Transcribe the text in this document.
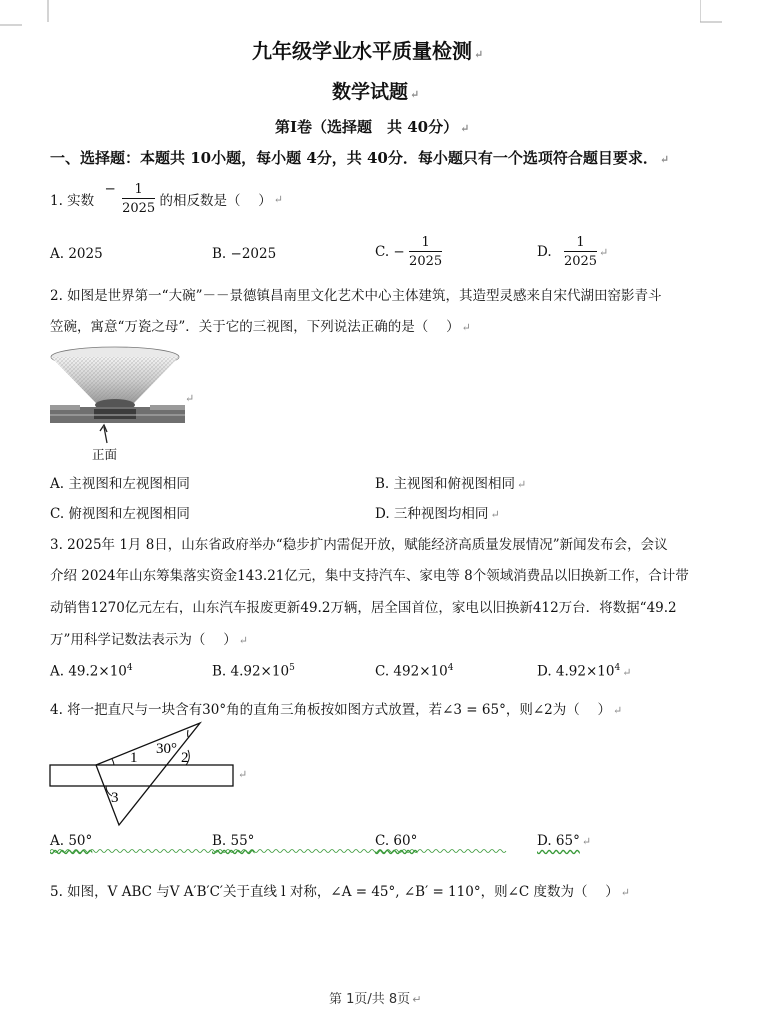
九年级学业水平质量检测 ↵
数学试题 ↵
第Ⅰ卷（选择题　共 40分） ↵
一、选择题：本题共 10小题，每小题 4分，共 40分．每小题只有一个选项符合题目要求． ↵
1. 实数 − $\frac{1}{2025}$ 的相反数是（　 ） ↵
A. 2025	B. −2025	C. − $\frac{1}{2025}$	D. $\frac{1}{2025}$ ↵
2. 如图是世界第一“大碗”－－景德镇昌南里文化艺术中心主体建筑，其造型灵感来自宋代湖田窑影青斗
笠碗，寓意“万瓷之母”．关于它的三视图，下列说法正确的是（　 ） ↵
正面
↵
A. 主视图和左视图相同	B. 主视图和俯视图相同 ↵
C. 俯视图和左视图相同	D. 三种视图均相同 ↵
3. 2025年 1月 8日，山东省政府举办“稳步扩内需促开放，赋能经济高质量发展情况”新闻发布会，会议
介绍 2024年山东筹集落实资金143.21亿元，集中支持汽车、家电等 8个领域消费品以旧换新工作，合计带
动销售1270亿元左右，山东汽车报废更新49.2万辆，居全国首位，家电以旧换新412万台．将数据“49.2
万”用科学记数法表示为（　 ） ↵
A. $49.2\times 10^4$	B. $4.92\times 10^5$	C. $492\times 10^4$	D. $4.92\times 10^4$ ↵
4. 将一把直尺与一块含有30°角的直角三角板按如图方式放置，若∠3 = 65°，则∠2为（　 ） ↵
30°
1	2
3
↵
A. 50°	B. 55°	C. 60°	D. 65° ↵
5. 如图，V ABC 与V A′B′C′关于直线 l 对称，∠A = 45°, ∠B′ = 110°，则∠C 度数为（　 ） ↵
第 1页/共 8页 ↵
